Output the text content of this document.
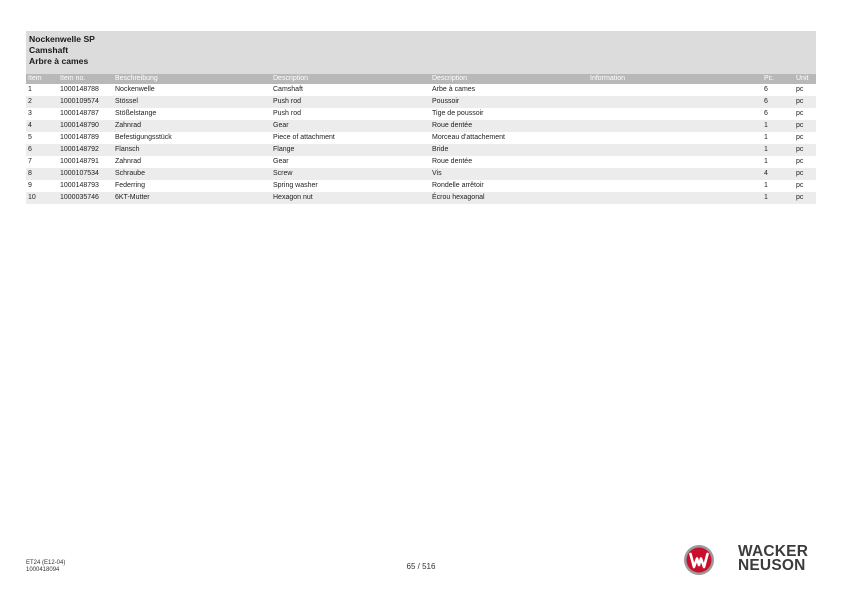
Nockenwelle SP
Camshaft
Arbre à cames
Item	Item no.	Beschreibung	Description	Description	Information	Pc.	Unit
1	1000148788	Nockenwelle	Camshaft	Arbe à cames		6	pc
2	1000109574	Stössel	Push rod	Poussoir		6	pc
3	1000148787	Stößelstange	Push rod	Tige de poussoir		6	pc
4	1000148790	Zahnrad	Gear	Roue dentée		1	pc
5	1000148789	Befestigungsstück	Piece of attachment	Morceau d'attachement		1	pc
6	1000148792	Flansch	Flange	Bride		1	pc
7	1000148791	Zahnrad	Gear	Roue dentée		1	pc
8	1000107534	Schraube	Screw	Vis		4	pc
9	1000148793	Federring	Spring washer	Rondelle arrêtoir		1	pc
10	1000035746	6KT-Mutter	Hexagon nut	Écrou hexagonal		1	pc
ET24 (E12-04)
1000418094	65 / 516
WACKER
NEUSON
